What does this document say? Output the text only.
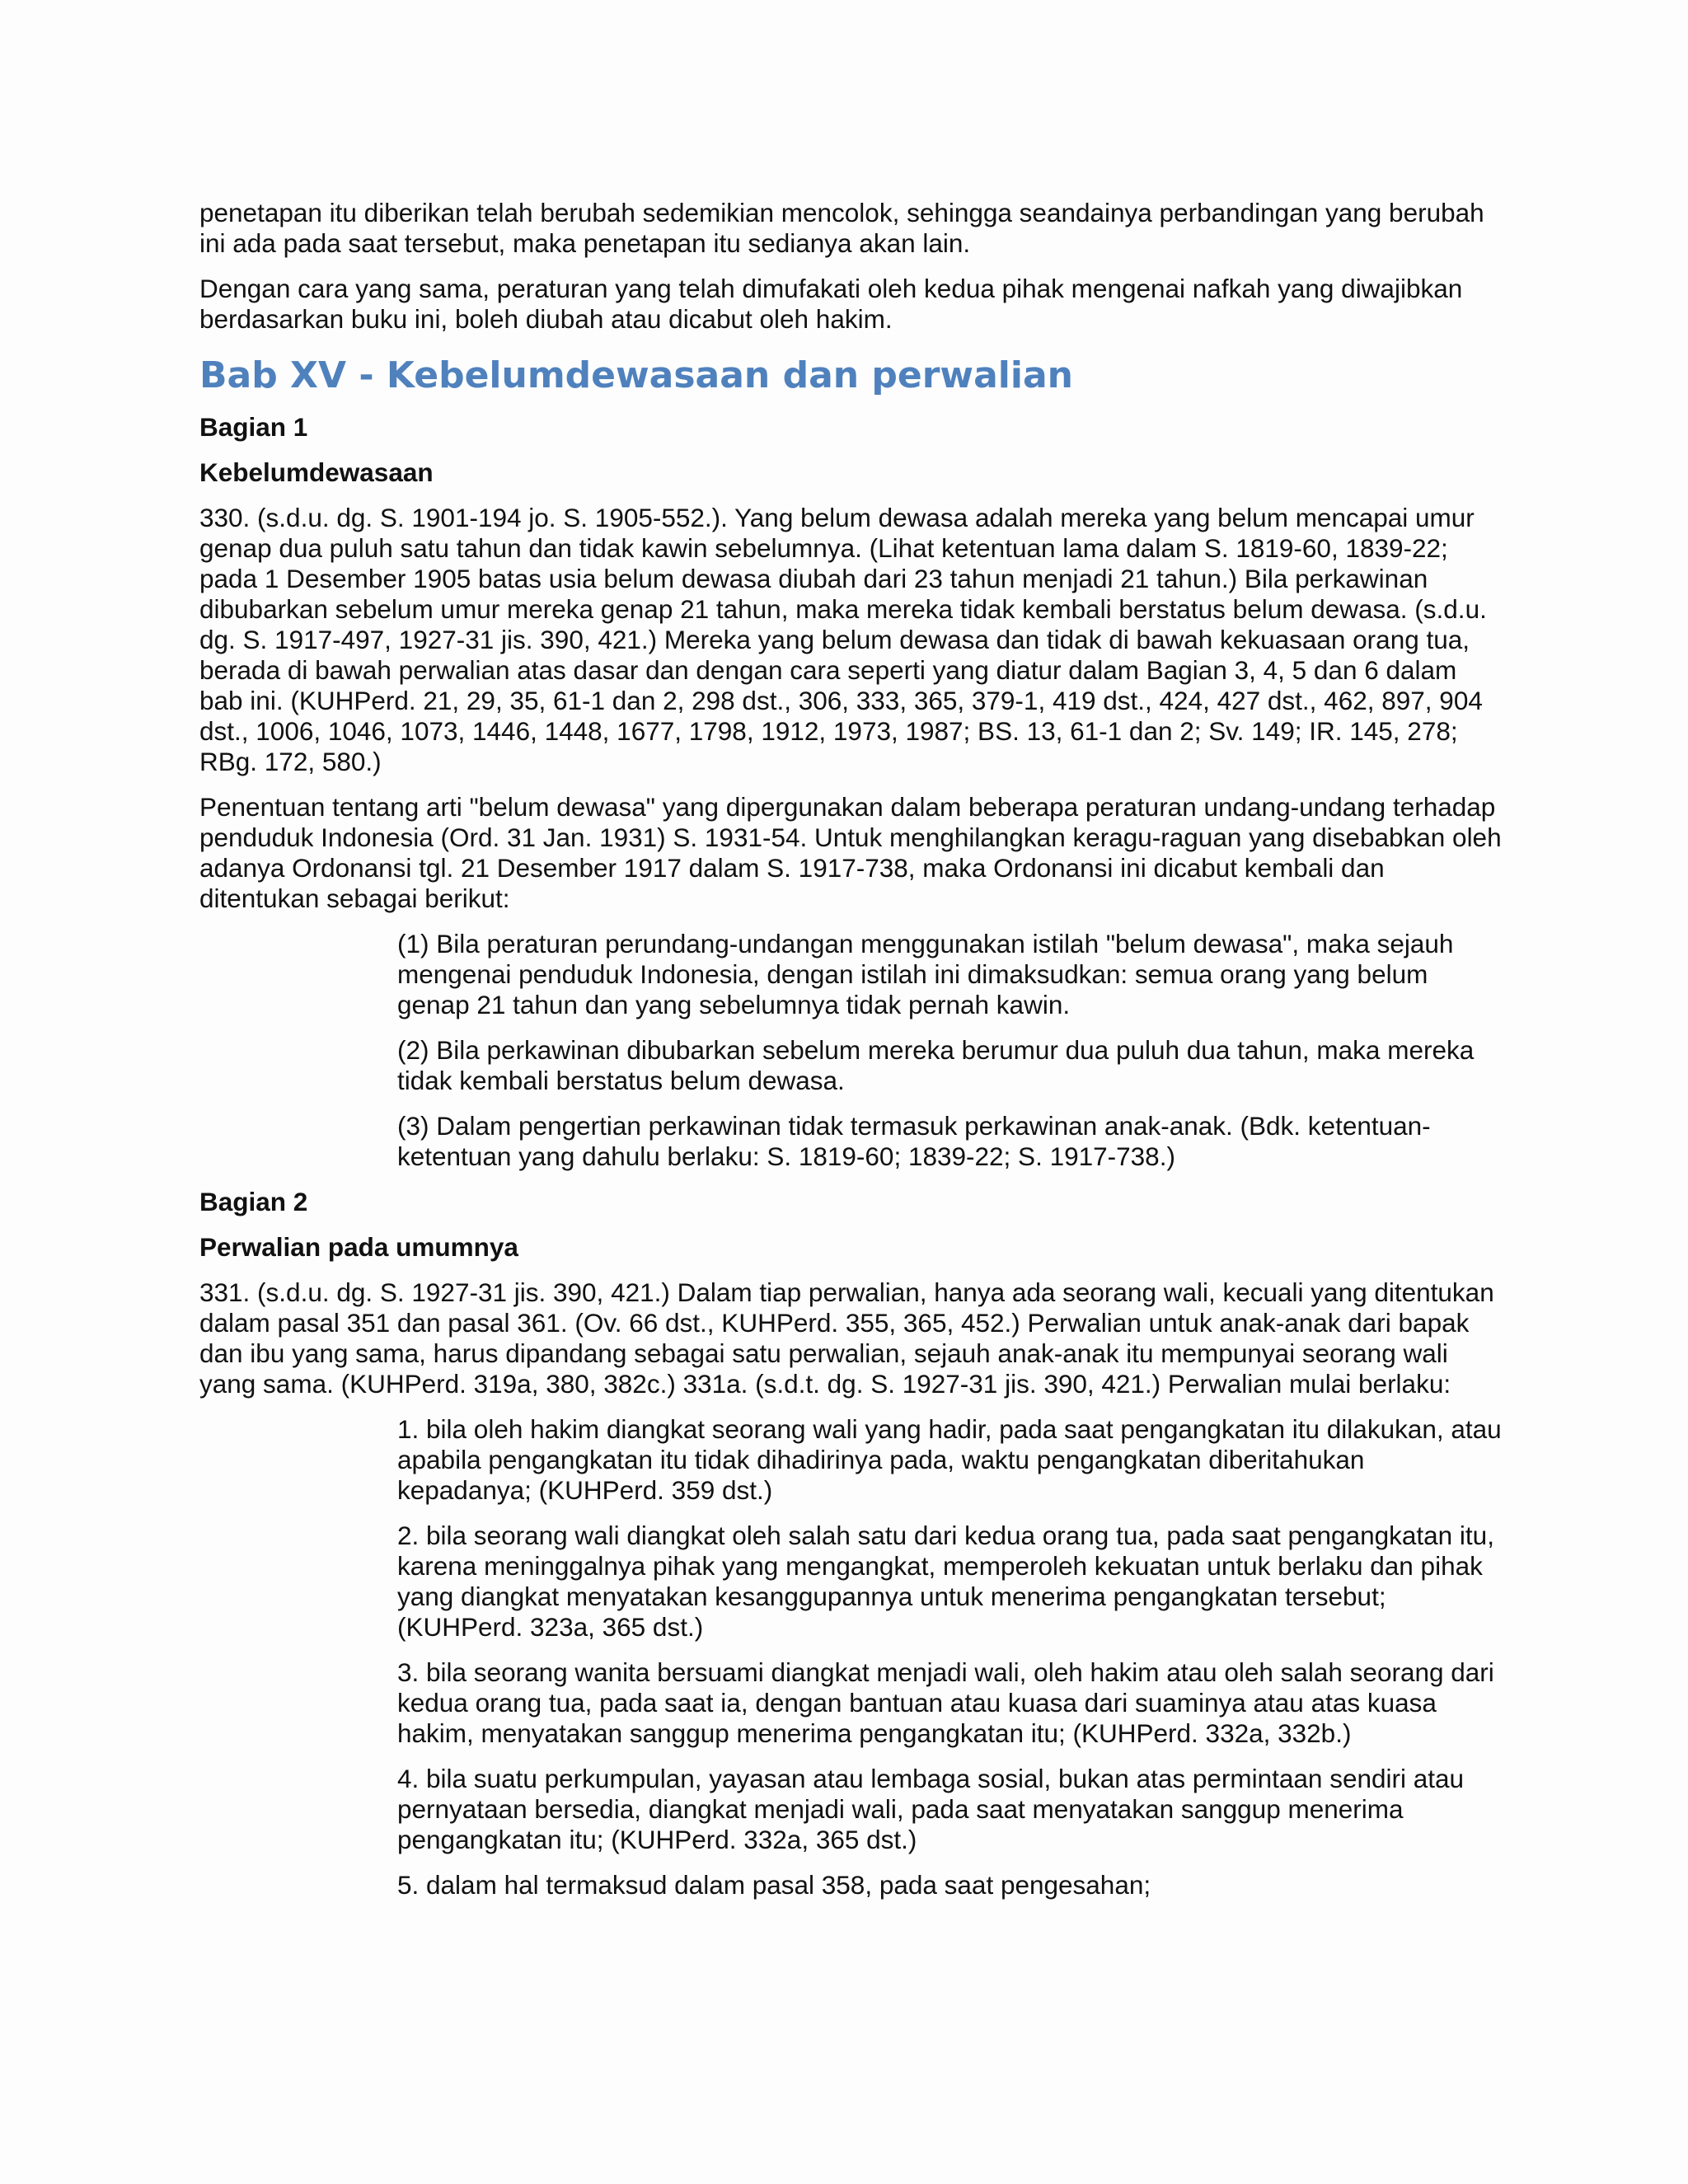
penetapan itu diberikan telah berubah sedemikian mencolok, sehingga seandainya perbandingan yang berubah ini ada pada saat tersebut, maka penetapan itu sedianya akan lain.

Dengan cara yang sama, peraturan yang telah dimufakati oleh kedua pihak mengenai nafkah yang diwajibkan berdasarkan buku ini, boleh diubah atau dicabut oleh hakim.

Bab XV - Kebelumdewasaan dan perwalian

Bagian 1

Kebelumdewasaan

330. (s.d.u. dg. S. 1901-194 jo. S. 1905-552.). Yang belum dewasa adalah mereka yang belum mencapai umur genap dua puluh satu tahun dan tidak kawin sebelumnya. (Lihat ketentuan lama dalam S. 1819-60, 1839-22; pada 1 Desember 1905 batas usia belum dewasa diubah dari 23 tahun menjadi 21 tahun.) Bila perkawinan dibubarkan sebelum umur mereka genap 21 tahun, maka mereka tidak kembali berstatus belum dewasa. (s.d.u. dg. S. 1917-497, 1927-31 jis. 390, 421.) Mereka yang belum dewasa dan tidak di bawah kekuasaan orang tua, berada di bawah perwalian atas dasar dan dengan cara seperti yang diatur dalam Bagian 3, 4, 5 dan 6 dalam bab ini. (KUHPerd. 21, 29, 35, 61-1 dan 2, 298 dst., 306, 333, 365, 379-1, 419 dst., 424, 427 dst., 462, 897, 904 dst., 1006, 1046, 1073, 1446, 1448, 1677, 1798, 1912, 1973, 1987; BS. 13, 61-1 dan 2; Sv. 149; IR. 145, 278; RBg. 172, 580.)

Penentuan tentang arti "belum dewasa" yang dipergunakan dalam beberapa peraturan undang-undang terhadap penduduk Indonesia (Ord. 31 Jan. 1931) S. 1931-54. Untuk menghilangkan keragu-raguan yang disebabkan oleh adanya Ordonansi tgl. 21 Desember 1917 dalam S. 1917-738, maka Ordonansi ini dicabut kembali dan ditentukan sebagai berikut:

(1) Bila peraturan perundang-undangan menggunakan istilah "belum dewasa", maka sejauh mengenai penduduk Indonesia, dengan istilah ini dimaksudkan: semua orang yang belum genap 21 tahun dan yang sebelumnya tidak pernah kawin.

(2) Bila perkawinan dibubarkan sebelum mereka berumur dua puluh dua tahun, maka mereka tidak kembali berstatus belum dewasa.

(3) Dalam pengertian perkawinan tidak termasuk perkawinan anak-anak. (Bdk. ketentuan-ketentuan yang dahulu berlaku: S. 1819-60; 1839-22; S. 1917-738.)

Bagian 2

Perwalian pada umumnya

331. (s.d.u. dg. S. 1927-31 jis. 390, 421.) Dalam tiap perwalian, hanya ada seorang wali, kecuali yang ditentukan dalam pasal 351 dan pasal 361. (Ov. 66 dst., KUHPerd. 355, 365, 452.) Perwalian untuk anak-anak dari bapak dan ibu yang sama, harus dipandang sebagai satu perwalian, sejauh anak-anak itu mempunyai seorang wali yang sama. (KUHPerd. 319a, 380, 382c.) 331a. (s.d.t. dg. S. 1927-31 jis. 390, 421.) Perwalian mulai berlaku:

1. bila oleh hakim diangkat seorang wali yang hadir, pada saat pengangkatan itu dilakukan, atau apabila pengangkatan itu tidak dihadirinya pada, waktu pengangkatan diberitahukan kepadanya; (KUHPerd. 359 dst.)

2. bila seorang wali diangkat oleh salah satu dari kedua orang tua, pada saat pengangkatan itu, karena meninggalnya pihak yang mengangkat, memperoleh kekuatan untuk berlaku dan pihak yang diangkat menyatakan kesanggupannya untuk menerima pengangkatan tersebut; (KUHPerd. 323a, 365 dst.)

3. bila seorang wanita bersuami diangkat menjadi wali, oleh hakim atau oleh salah seorang dari kedua orang tua, pada saat ia, dengan bantuan atau kuasa dari suaminya atau atas kuasa hakim, menyatakan sanggup menerima pengangkatan itu; (KUHPerd. 332a, 332b.)

4. bila suatu perkumpulan, yayasan atau lembaga sosial, bukan atas permintaan sendiri atau pernyataan bersedia, diangkat menjadi wali, pada saat menyatakan sanggup menerima pengangkatan itu; (KUHPerd. 332a, 365 dst.)

5. dalam hal termaksud dalam pasal 358, pada saat pengesahan;
